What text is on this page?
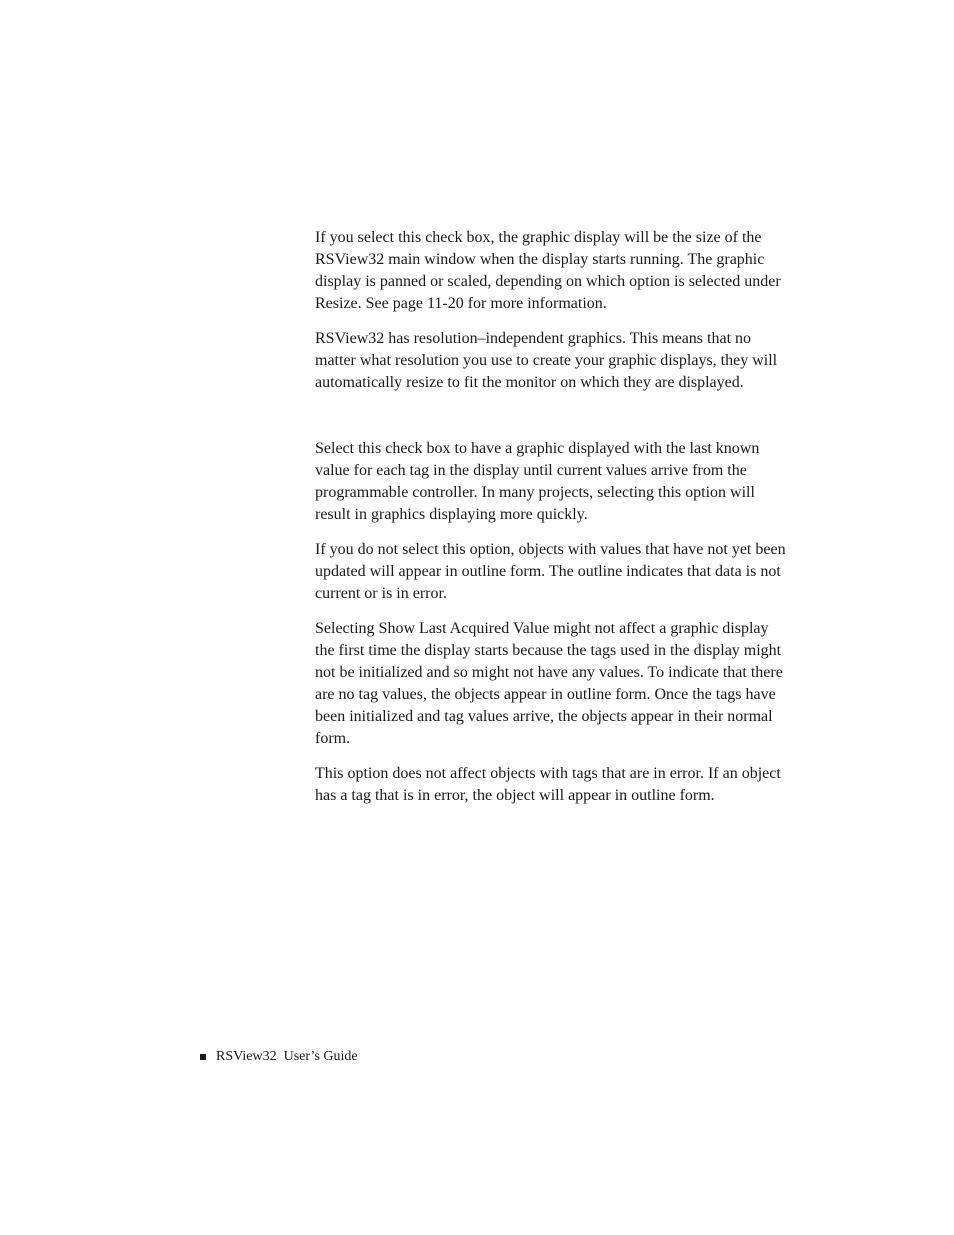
If you select this check box, the graphic display will be the size of the RSView32 main window when the display starts running. The graphic display is panned or scaled, depending on which option is selected under Resize. See page 11-20 for more information.

RSView32 has resolution–independent graphics. This means that no matter what resolution you use to create your graphic displays, they will automatically resize to fit the monitor on which they are displayed.

Select this check box to have a graphic displayed with the last known value for each tag in the display until current values arrive from the programmable controller. In many projects, selecting this option will result in graphics displaying more quickly.

If you do not select this option, objects with values that have not yet been updated will appear in outline form. The outline indicates that data is not current or is in error.

Selecting Show Last Acquired Value might not affect a graphic display the first time the display starts because the tags used in the display might not be initialized and so might not have any values. To indicate that there are no tag values, the objects appear in outline form. Once the tags have been initialized and tag values arrive, the objects appear in their normal form.

This option does not affect objects with tags that are in error. If an object has a tag that is in error, the object will appear in outline form.

RSView32  User’s Guide
